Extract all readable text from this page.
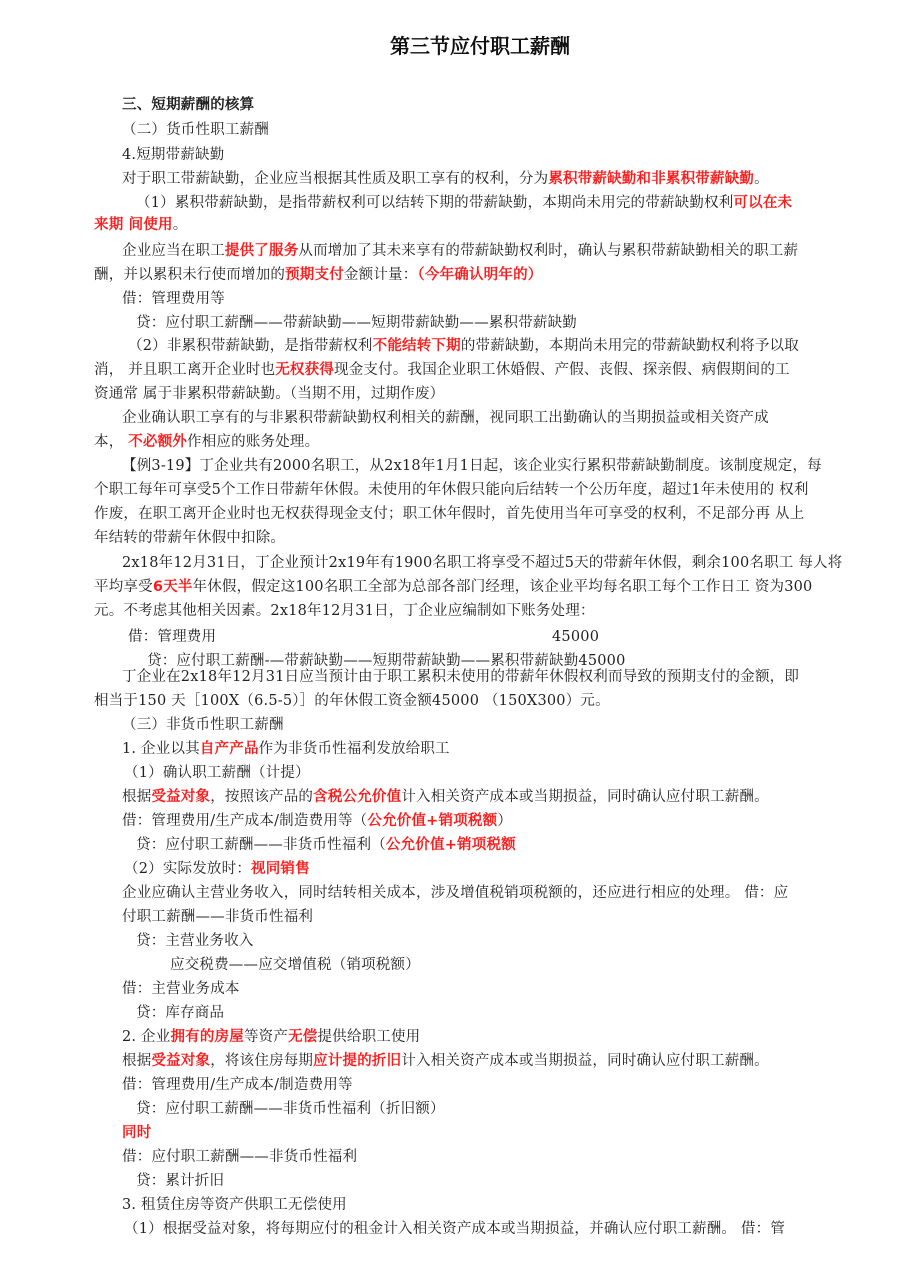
第三节应付职工薪酬
三、短期薪酬的核算
（二）货币性职工薪酬
4.短期带薪缺勤
对于职工带薪缺勤，企业应当根据其性质及职工享有的权利，分为累积带薪缺勤和非累积带薪缺勤。
（1）累积带薪缺勤，是指带薪权利可以结转下期的带薪缺勤，本期尚未用完的带薪缺勤权利可以在未
来期 间使用。
企业应当在职工提供了服务从而增加了其未来享有的带薪缺勤权利时，确认与累积带薪缺勤相关的职工薪
酬，并以累积未行使而增加的预期支付金额计量：（今年确认明年的）
借：管理费用等
贷：应付职工薪酬——带薪缺勤——短期带薪缺勤——累积带薪缺勤
（2）非累积带薪缺勤，是指带薪权利不能结转下期的带薪缺勤，本期尚未用完的带薪缺勤权利将予以取
消， 并且职工离开企业时也无权获得现金支付。我国企业职工休婚假、产假、丧假、探亲假、病假期间的工
资通常 属于非累积带薪缺勤。（当期不用，过期作废）
企业确认职工享有的与非累积带薪缺勤权利相关的薪酬，视同职工出勤确认的当期损益或相关资产成
本， 不必额外作相应的账务处理。
【例3-19】丁企业共有2000名职工，从2x18年1月1日起，该企业实行累积带薪缺勤制度。该制度规定，每
个职工每年可享受5个工作日带薪年休假。未使用的年休假只能向后结转一个公历年度，超过1年未使用的 权利
作废，在职工离开企业时也无权获得现金支付；职工休年假时，首先使用当年可享受的权利，不足部分再 从上
年结转的带薪年休假中扣除。
2x18年12月31日，丁企业预计2x19年有1900名职工将享受不超过5天的带薪年休假，剩余100名职工 每人将
平均享受6天半年休假，假定这100名职工全部为总部各部门经理，该企业平均每名职工每个工作日工 资为300
元。不考虑其他相关因素。2x18年12月31日，丁企业应编制如下账务处理：
借：管理费用
贷：应付职工薪酬-—带薪缺勤——短期带薪缺勤——累积带薪缺勤45000
丁企业在2x18年12月31日应当预计由于职工累积未使用的带薪年休假权利而导致的预期支付的金额，即
相当于150 天［100X（6.5-5）］的年休假工资金额45000 （150X300）元。
（三）非货币性职工薪酬
1. 企业以其自产产品作为非货币性福利发放给职工
（1）确认职工薪酬（计提）
根据受益对象，按照该产品的含税公允价值计入相关资产成本或当期损益，同时确认应付职工薪酬。
借：管理费用/生产成本/制造费用等（公允价值+销项税额）
贷：应付职工薪酬——非货币性福利（公允价值+销项税额
（2）实际发放时：视同销售
企业应确认主营业务收入，同时结转相关成本，涉及增值税销项税额的，还应进行相应的处理。 借：应
付职工薪酬——非货币性福利
贷：主营业务收入
应交税费——应交增值税（销项税额）
借：主营业务成本
贷：库存商品
2. 企业拥有的房屋等资产无偿提供给职工使用
根据受益对象，将该住房每期应计提的折旧计入相关资产成本或当期损益，同时确认应付职工薪酬。
借：管理费用/生产成本/制造费用等
贷：应付职工薪酬——非货币性福利（折旧额）
同时
借：应付职工薪酬——非货币性福利
贷：累计折旧
3. 租赁住房等资产供职工无偿使用
（1）根据受益对象，将每期应付的租金计入相关资产成本或当期损益，并确认应付职工薪酬。 借：管
45000
